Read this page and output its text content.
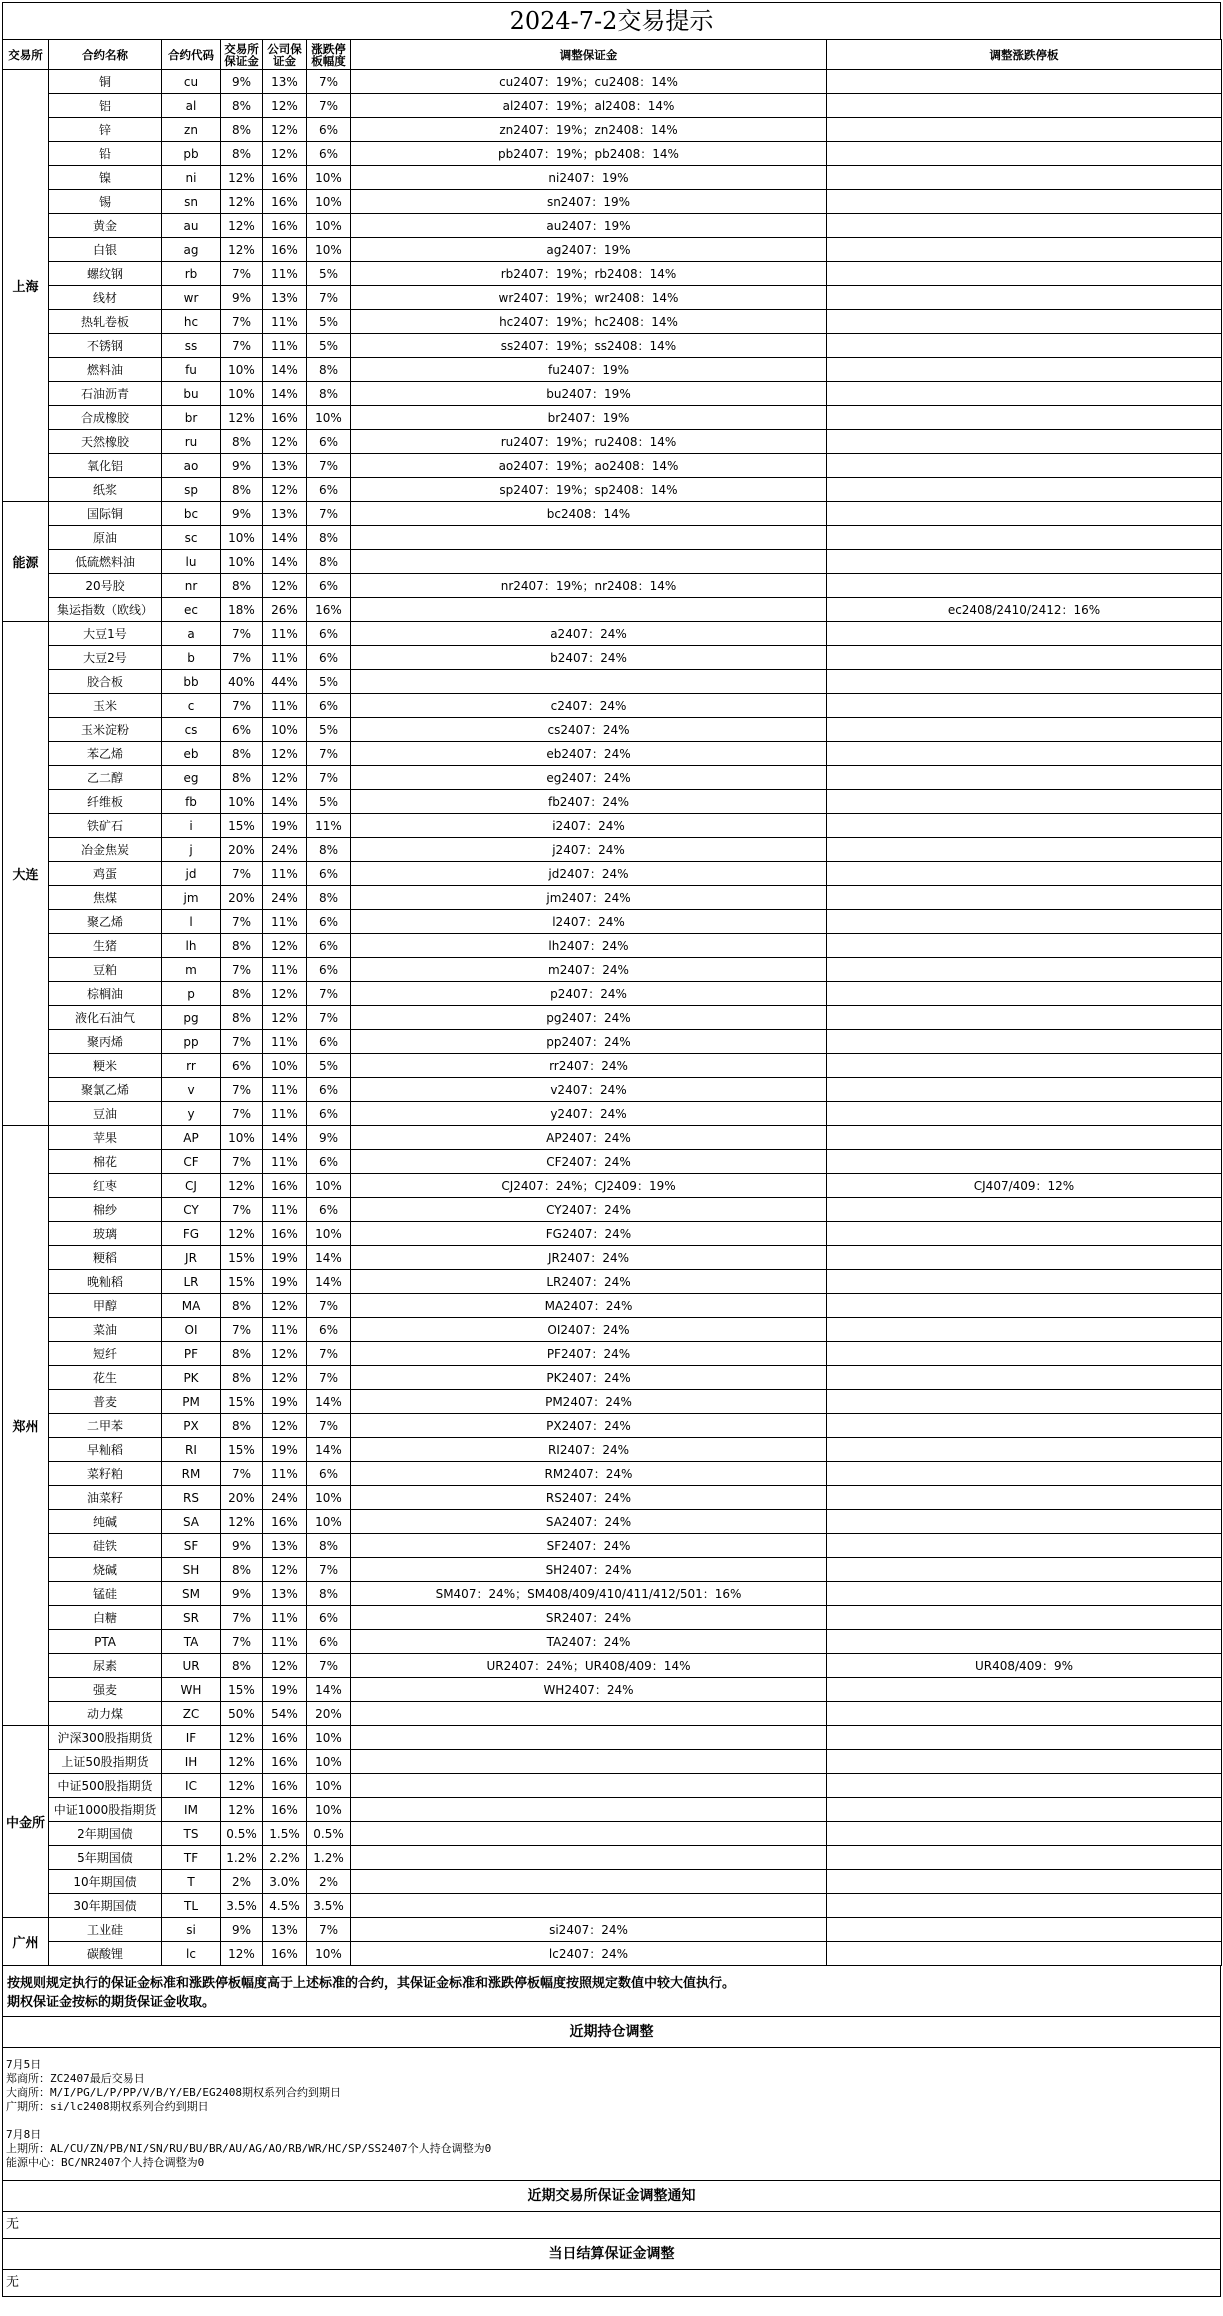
2024-7-2交易提示
交易所	合约名称	合约代码	交易所保证金	公司保证金	涨跌停板幅度	调整保证金	调整涨跌停板
上海	铜	cu	9%	13%	7%	cu2407：19%；cu2408：14%	
	铝	al	8%	12%	7%	al2407：19%；al2408：14%	
	锌	zn	8%	12%	6%	zn2407：19%；zn2408：14%	
	铅	pb	8%	12%	6%	pb2407：19%；pb2408：14%	
	镍	ni	12%	16%	10%	ni2407：19%	
	锡	sn	12%	16%	10%	sn2407：19%	
	黄金	au	12%	16%	10%	au2407：19%	
	白银	ag	12%	16%	10%	ag2407：19%	
	螺纹钢	rb	7%	11%	5%	rb2407：19%；rb2408：14%	
	线材	wr	9%	13%	7%	wr2407：19%；wr2408：14%	
	热轧卷板	hc	7%	11%	5%	hc2407：19%；hc2408：14%	
	不锈钢	ss	7%	11%	5%	ss2407：19%；ss2408：14%	
	燃料油	fu	10%	14%	8%	fu2407：19%	
	石油沥青	bu	10%	14%	8%	bu2407：19%	
	合成橡胶	br	12%	16%	10%	br2407：19%	
	天然橡胶	ru	8%	12%	6%	ru2407：19%；ru2408：14%	
	氧化铝	ao	9%	13%	7%	ao2407：19%；ao2408：14%	
	纸浆	sp	8%	12%	6%	sp2407：19%；sp2408：14%	
能源	国际铜	bc	9%	13%	7%	bc2408：14%	
	原油	sc	10%	14%	8%		
	低硫燃料油	lu	10%	14%	8%		
	20号胶	nr	8%	12%	6%	nr2407：19%；nr2408：14%	
	集运指数（欧线）	ec	18%	26%	16%		ec2408/2410/2412：16%
大连	大豆1号	a	7%	11%	6%	a2407：24%	
	大豆2号	b	7%	11%	6%	b2407：24%	
	胶合板	bb	40%	44%	5%		
	玉米	c	7%	11%	6%	c2407：24%	
	玉米淀粉	cs	6%	10%	5%	cs2407：24%	
	苯乙烯	eb	8%	12%	7%	eb2407：24%	
	乙二醇	eg	8%	12%	7%	eg2407：24%	
	纤维板	fb	10%	14%	5%	fb2407：24%	
	铁矿石	i	15%	19%	11%	i2407：24%	
	冶金焦炭	j	20%	24%	8%	j2407：24%	
	鸡蛋	jd	7%	11%	6%	jd2407：24%	
	焦煤	jm	20%	24%	8%	jm2407：24%	
	聚乙烯	l	7%	11%	6%	l2407：24%	
	生猪	lh	8%	12%	6%	lh2407：24%	
	豆粕	m	7%	11%	6%	m2407：24%	
	棕榈油	p	8%	12%	7%	p2407：24%	
	液化石油气	pg	8%	12%	7%	pg2407：24%	
	聚丙烯	pp	7%	11%	6%	pp2407：24%	
	粳米	rr	6%	10%	5%	rr2407：24%	
	聚氯乙烯	v	7%	11%	6%	v2407：24%	
	豆油	y	7%	11%	6%	y2407：24%	
郑州	苹果	AP	10%	14%	9%	AP2407：24%	
	棉花	CF	7%	11%	6%	CF2407：24%	
	红枣	CJ	12%	16%	10%	CJ2407：24%；CJ2409：19%	CJ407/409：12%
	棉纱	CY	7%	11%	6%	CY2407：24%	
	玻璃	FG	12%	16%	10%	FG2407：24%	
	粳稻	JR	15%	19%	14%	JR2407：24%	
	晚籼稻	LR	15%	19%	14%	LR2407：24%	
	甲醇	MA	8%	12%	7%	MA2407：24%	
	菜油	OI	7%	11%	6%	OI2407：24%	
	短纤	PF	8%	12%	7%	PF2407：24%	
	花生	PK	8%	12%	7%	PK2407：24%	
	普麦	PM	15%	19%	14%	PM2407：24%	
	二甲苯	PX	8%	12%	7%	PX2407：24%	
	早籼稻	RI	15%	19%	14%	RI2407：24%	
	菜籽粕	RM	7%	11%	6%	RM2407：24%	
	油菜籽	RS	20%	24%	10%	RS2407：24%	
	纯碱	SA	12%	16%	10%	SA2407：24%	
	硅铁	SF	9%	13%	8%	SF2407：24%	
	烧碱	SH	8%	12%	7%	SH2407：24%	
	锰硅	SM	9%	13%	8%	SM407：24%；SM408/409/410/411/412/501：16%	
	白糖	SR	7%	11%	6%	SR2407：24%	
	PTA	TA	7%	11%	6%	TA2407：24%	
	尿素	UR	8%	12%	7%	UR2407：24%；UR408/409：14%	UR408/409：9%
	强麦	WH	15%	19%	14%	WH2407：24%	
	动力煤	ZC	50%	54%	20%		
中金所	沪深300股指期货	IF	12%	16%	10%		
	上证50股指期货	IH	12%	16%	10%		
	中证500股指期货	IC	12%	16%	10%		
	中证1000股指期货	IM	12%	16%	10%		
	2年期国债	TS	0.5%	1.5%	0.5%		
	5年期国债	TF	1.2%	2.2%	1.2%		
	10年期国债	T	2%	3.0%	2%		
	30年期国债	TL	3.5%	4.5%	3.5%		
广州	工业硅	si	9%	13%	7%	si2407：24%	
	碳酸锂	lc	12%	16%	10%	lc2407：24%	
按规则规定执行的保证金标准和涨跌停板幅度高于上述标准的合约，其保证金标准和涨跌停板幅度按照规定数值中较大值执行。
期权保证金按标的期货保证金收取。
近期持仓调整
7月5日
郑商所：ZC2407最后交易日
大商所：M/I/PG/L/P/PP/V/B/Y/EB/EG2408期权系列合约到期日
广期所：si/lc2408期权系列合约到期日
7月8日
上期所：AL/CU/ZN/PB/NI/SN/RU/BU/BR/AU/AG/AO/RB/WR/HC/SP/SS2407个人持仓调整为0
能源中心：BC/NR2407个人持仓调整为0
近期交易所保证金调整通知
无
当日结算保证金调整
无
